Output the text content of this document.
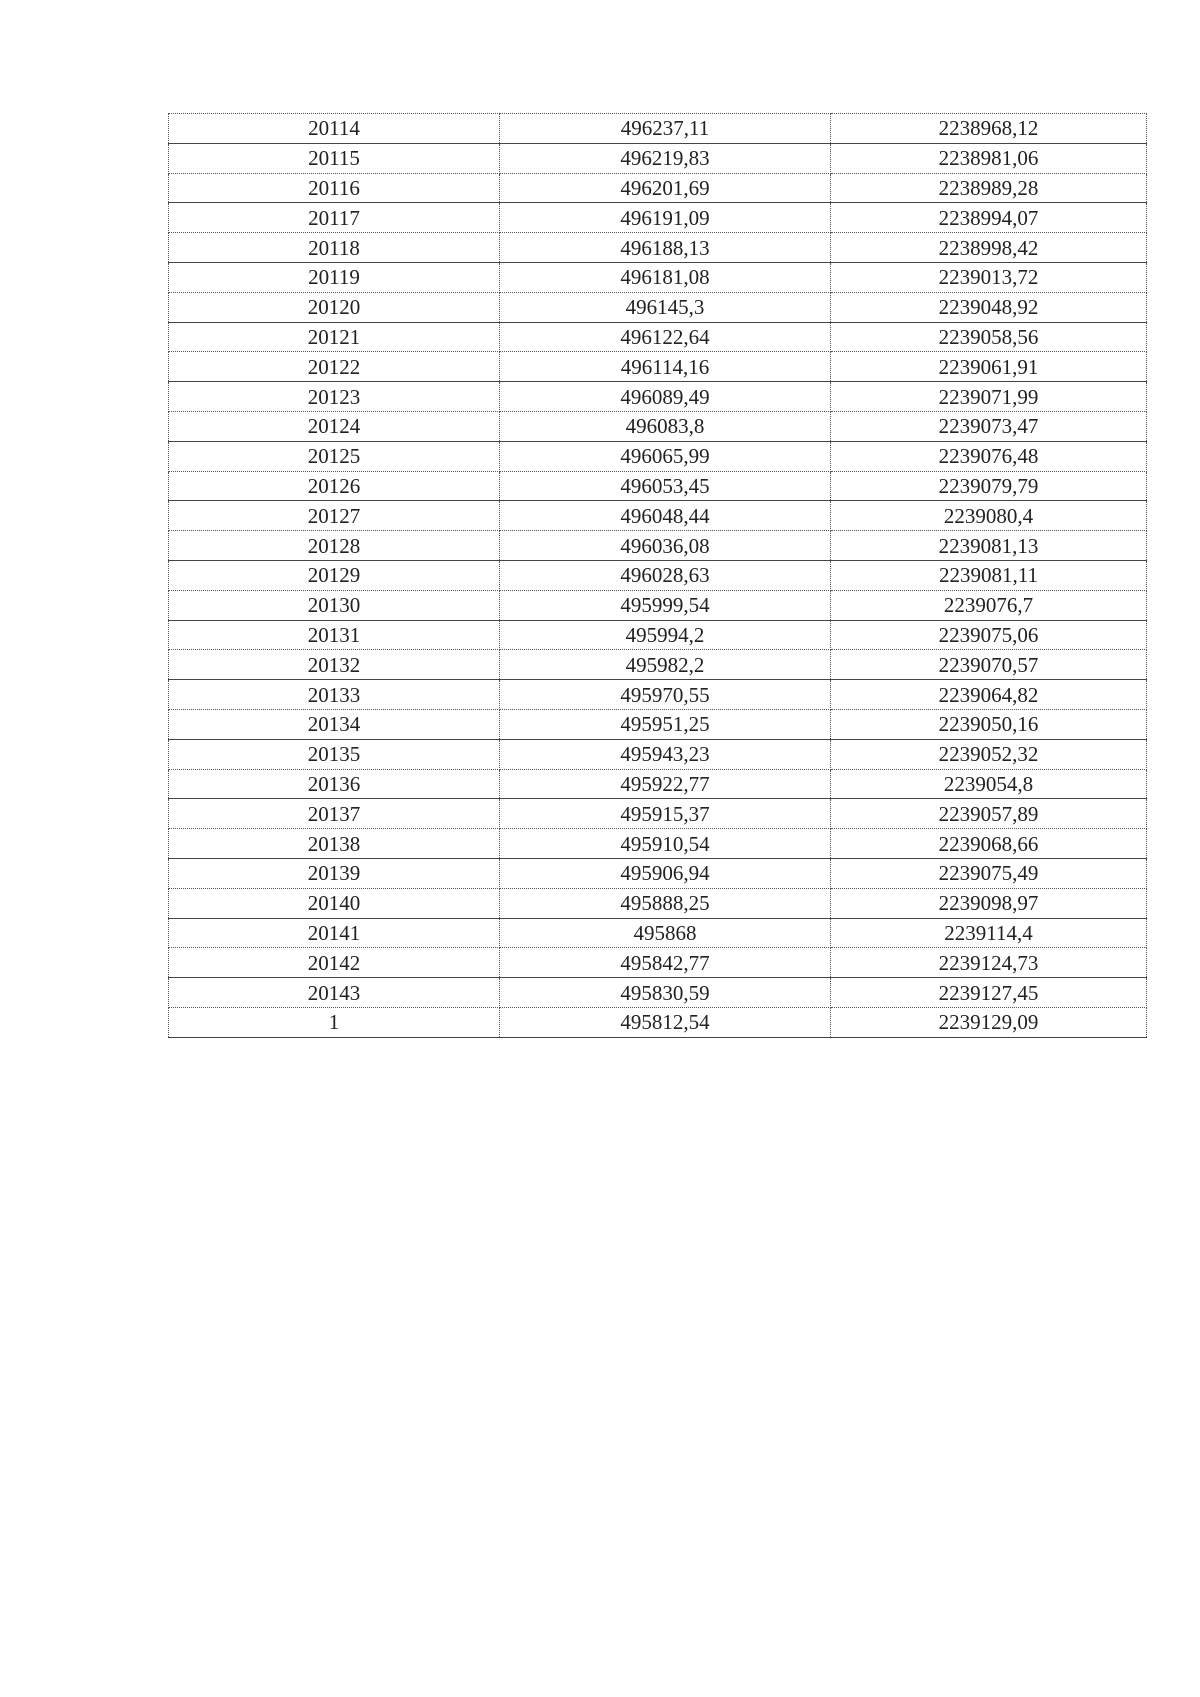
20114	496237,11	2238968,12
20115	496219,83	2238981,06
20116	496201,69	2238989,28
20117	496191,09	2238994,07
20118	496188,13	2238998,42
20119	496181,08	2239013,72
20120	496145,3	2239048,92
20121	496122,64	2239058,56
20122	496114,16	2239061,91
20123	496089,49	2239071,99
20124	496083,8	2239073,47
20125	496065,99	2239076,48
20126	496053,45	2239079,79
20127	496048,44	2239080,4
20128	496036,08	2239081,13
20129	496028,63	2239081,11
20130	495999,54	2239076,7
20131	495994,2	2239075,06
20132	495982,2	2239070,57
20133	495970,55	2239064,82
20134	495951,25	2239050,16
20135	495943,23	2239052,32
20136	495922,77	2239054,8
20137	495915,37	2239057,89
20138	495910,54	2239068,66
20139	495906,94	2239075,49
20140	495888,25	2239098,97
20141	495868	2239114,4
20142	495842,77	2239124,73
20143	495830,59	2239127,45
1	495812,54	2239129,09
